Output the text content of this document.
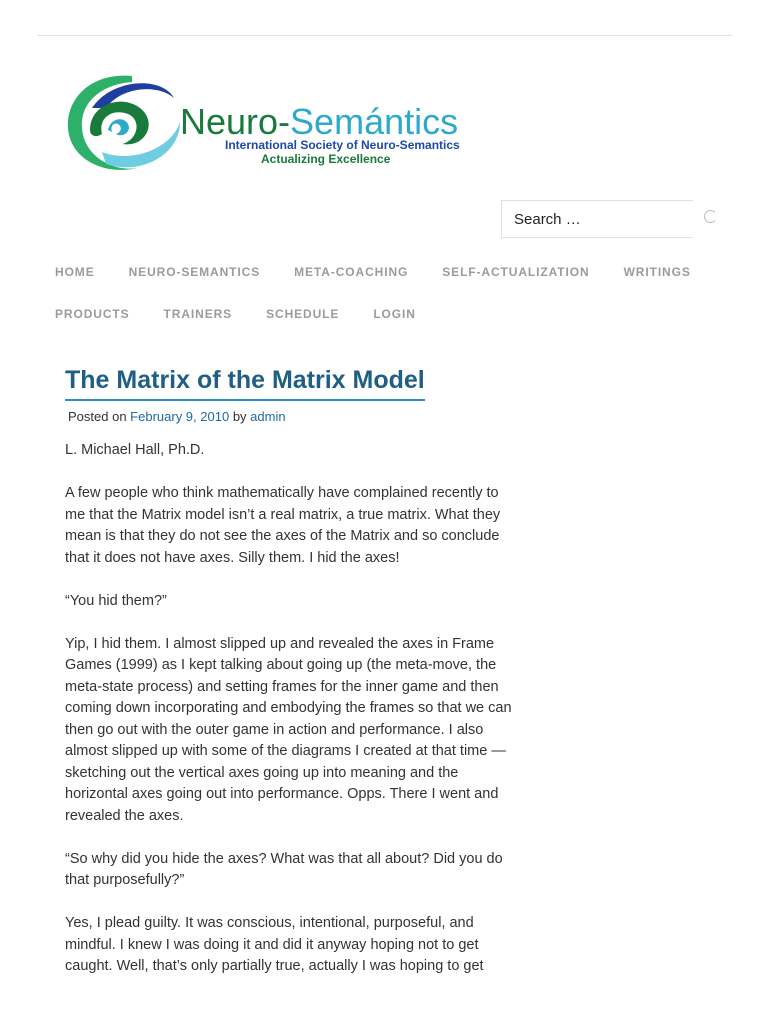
Neuro-Semántics
International Society of Neuro-Semantics
Actualizing Excellence
Search …
HOME	NEURO-SEMANTICS	META-COACHING	SELF-ACTUALIZATION	WRITINGS
PRODUCTS	TRAINERS	SCHEDULE	LOGIN
The Matrix of the Matrix Model
Posted on February 9, 2010 by admin

L. Michael Hall, Ph.D.

A few people who think mathematically have complained recently to me that the Matrix model isn’t a real matrix, a true matrix. What they mean is that they do not see the axes of the Matrix and so conclude that it does not have axes. Silly them. I hid the axes!

“You hid them?”

Yip, I hid them. I almost slipped up and revealed the axes in Frame Games (1999) as I kept talking about going up (the meta-move, the meta-state process) and setting frames for the inner game and then coming down incorporating and embodying the frames so that we can then go out with the outer game in action and performance. I also almost slipped up with some of the diagrams I created at that time —sketching out the vertical axes going up into meaning and the horizontal axes going out into performance. Opps. There I went and revealed the axes.

“So why did you hide the axes? What was that all about? Did you do that purposefully?”

Yes, I plead guilty. It was conscious, intentional, purposeful, and mindful. I knew I was doing it and did it anyway hoping not to get caught. Well, that’s only partially true, actually I was hoping to get
